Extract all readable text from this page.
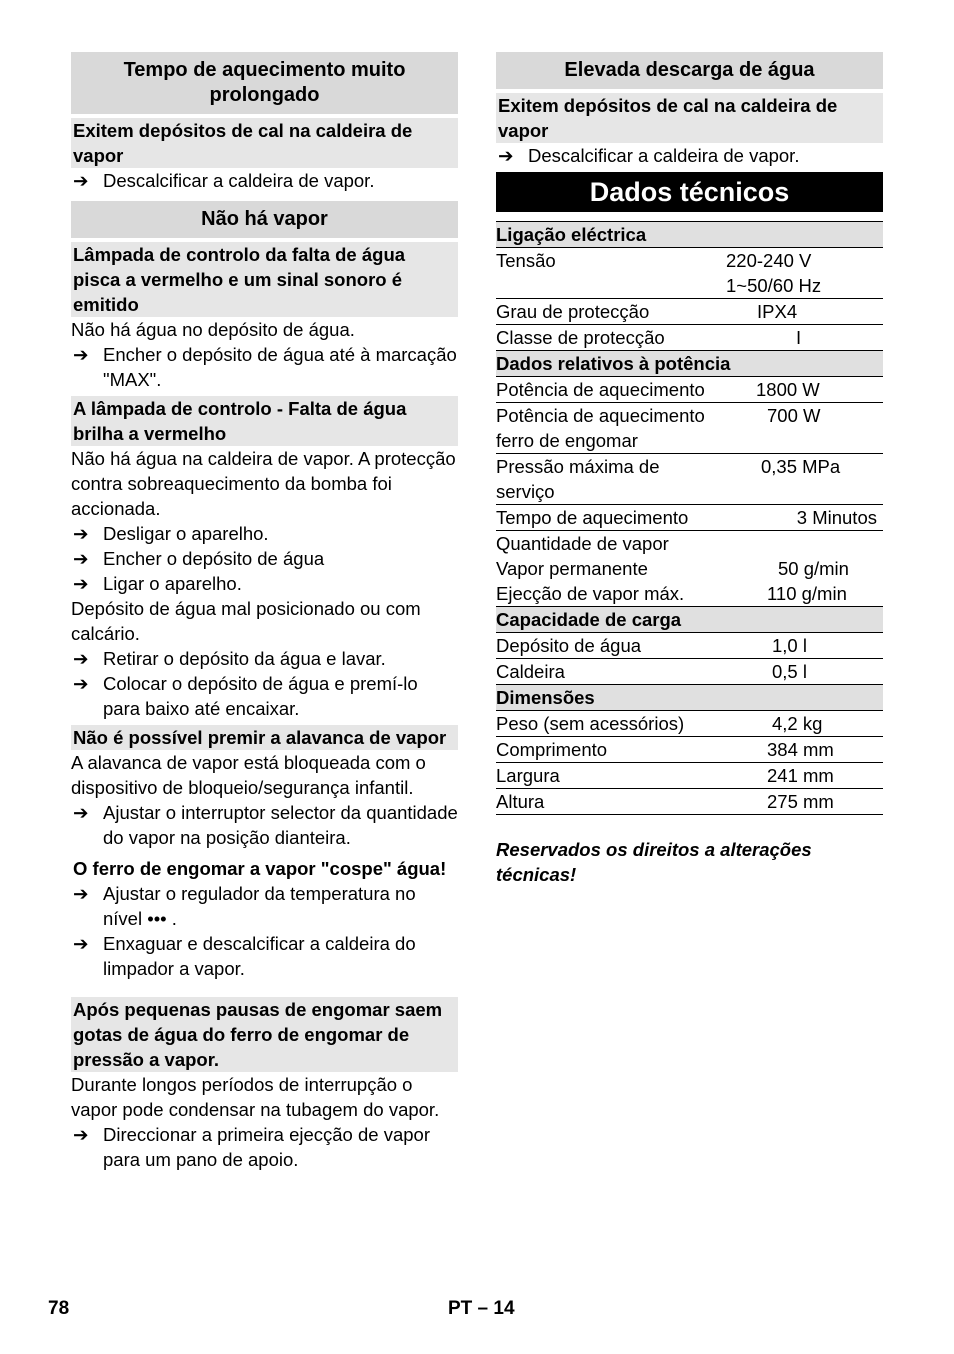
Tempo de aquecimento muito prolongado
Exitem depósitos de cal na caldeira de vapor
➔ Descalcificar a caldeira de vapor.
Não há vapor
Lâmpada de controlo da falta de água pisca a vermelho e um sinal sonoro é emitido
Não há água no depósito de água.
➔ Encher o depósito de água até à marcação "MAX".
A lâmpada de controlo - Falta de água brilha a vermelho
Não há água na caldeira de vapor. A protecção contra sobreaquecimento da bomba foi accionada.
➔ Desligar o aparelho.
➔ Encher o depósito de água
➔ Ligar o aparelho.
Depósito de água mal posicionado ou com calcário.
➔ Retirar o depósito da água e lavar.
➔ Colocar o depósito de água e premí-lo para baixo até encaixar.
Não é possível premir a alavanca de vapor
A alavanca de vapor está bloqueada com o dispositivo de bloqueio/segurança infantil.
➔ Ajustar o interruptor selector da quantidade do vapor na posição dianteira.
O ferro de engomar a vapor "cospe" água!
➔ Ajustar o regulador da temperatura no nível ••• .
➔ Enxaguar e descalcificar a caldeira do limpador a vapor.
Após pequenas pausas de engomar saem gotas de água do ferro de engomar de pressão a vapor.
Durante longos períodos de interrupção o vapor pode condensar na tubagem do vapor.
➔ Direccionar a primeira ejecção de vapor para um pano de apoio.
Elevada descarga de água
Exitem depósitos de cal na caldeira de vapor
➔ Descalcificar a caldeira de vapor.
Dados técnicos
Ligação eléctrica	
Tensão	220-240 V
1~50/60 Hz
Grau de protecção	IPX4
Classe de protecção	I
Dados relativos à potência	
Potência de aquecimento	1800 W
Potência de aquecimento ferro de engomar	700 W
Pressão máxima de serviço	0,35 MPa
Tempo de aquecimento	3 Minutos
Quantidade de vapor	
Vapor permanente	50 g/min
Ejecção de vapor máx.	110 g/min
Capacidade de carga	
Depósito de água	1,0 l
Caldeira	0,5 l
Dimensões	
Peso (sem acessórios)	4,2 kg
Comprimento	384 mm
Largura	241 mm
Altura	275 mm
Reservados os direitos a alterações técnicas!
78	PT – 14
